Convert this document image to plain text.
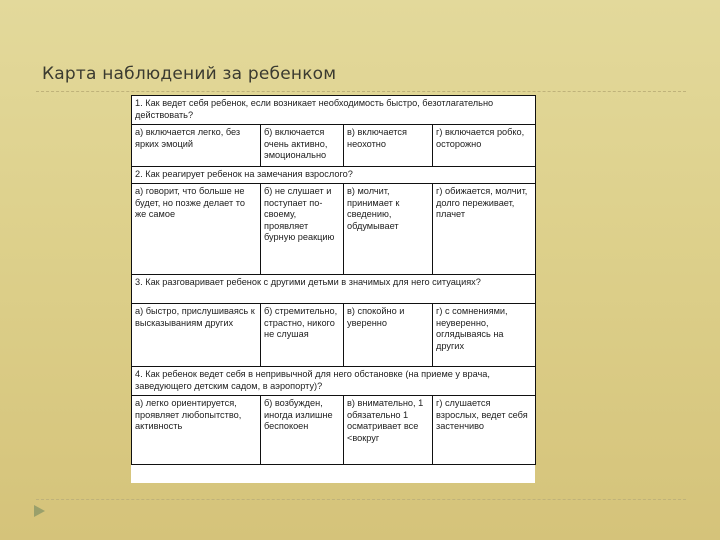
Карта наблюдений за ребенком
1. Как ведет себя ребенок, если возникает необходимость быстро, безотлагательно действовать?			
а) включается легко, без ярких эмоций	б) включается очень активно, эмоционально	в) включается неохотно	г) включается робко, осторожно
2. Как реагирует ребенок на замечания взрослого?			
а) говорит, что больше не будет, но позже делает то же самое	б) не слушает и поступает по-своему, проявляет бурную реакцию	в) молчит, принимает к сведению, обдумывает	г) обижается, молчит, долго переживает, плачет
3. Как разговаривает ребенок с другими детьми в значимых для него ситуациях?			
а) быстро, прислушиваясь к высказываниям других	б) стремительно, страстно, никого не слушая	в) спокойно и уверенно	г) с сомнениями, неуверенно, оглядываясь на других
4. Как ребенок ведет себя в непривычной для него обстановке (на приеме у врача, заведующего детским садом, в аэропорту)?			
а) легко ориентируется, проявляет любопытство, активность	б) возбужден, иногда излишне беспокоен	в) внимательно, 1 обязательно 1 осматривает все <вокруг	г) слушается взрослых, ведет себя застенчиво
